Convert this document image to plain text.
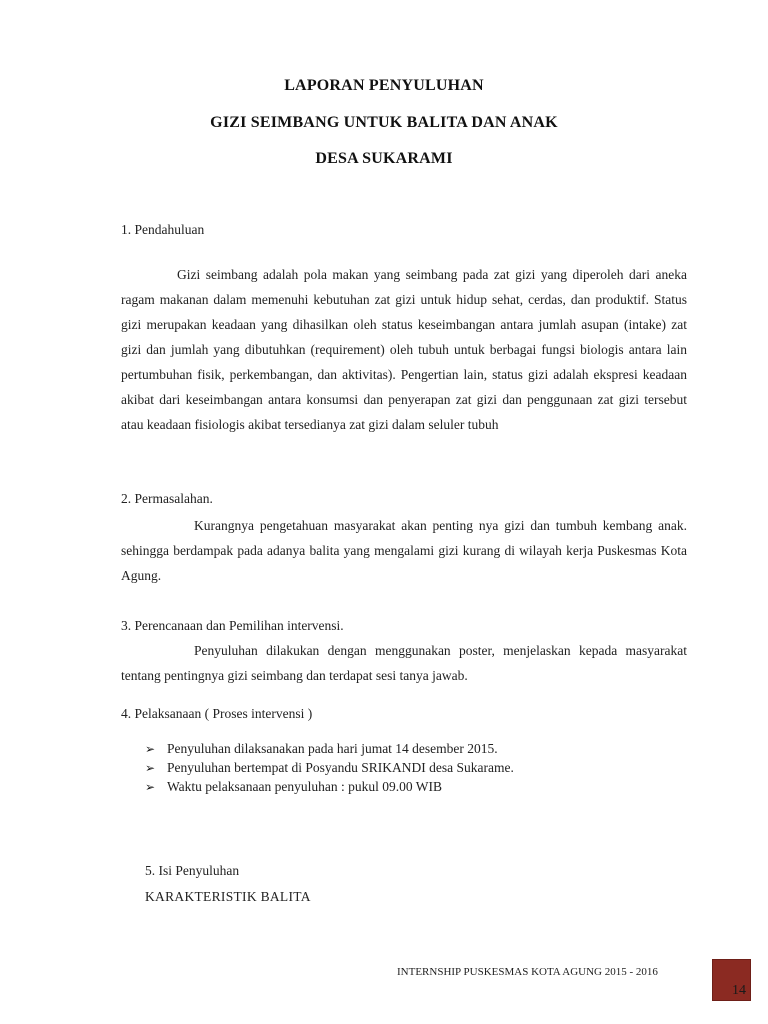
LAPORAN PENYULUHAN
GIZI SEIMBANG UNTUK BALITA DAN ANAK
DESA SUKARAMI
1. Pendahuluan
Gizi seimbang adalah pola makan yang seimbang pada zat gizi yang diperoleh dari aneka ragam makanan dalam memenuhi kebutuhan zat gizi untuk hidup sehat, cerdas, dan produktif. Status gizi merupakan keadaan yang dihasilkan oleh status keseimbangan antara jumlah asupan (intake) zat gizi dan jumlah yang dibutuhkan (requirement) oleh tubuh untuk berbagai fungsi biologis antara lain pertumbuhan fisik, perkembangan, dan aktivitas). Pengertian lain, status gizi adalah ekspresi keadaan akibat dari keseimbangan antara konsumsi dan penyerapan zat gizi dan penggunaan zat gizi tersebut atau keadaan fisiologis akibat tersedianya zat gizi dalam seluler tubuh
2. Permasalahan.
Kurangnya pengetahuan masyarakat akan penting nya gizi dan tumbuh kembang anak. sehingga berdampak pada adanya balita yang mengalami gizi kurang di wilayah kerja Puskesmas Kota Agung.
3. Perencanaan dan Pemilihan intervensi.
Penyuluhan dilakukan dengan menggunakan poster, menjelaskan kepada masyarakat tentang pentingnya gizi seimbang dan terdapat sesi tanya jawab.
4. Pelaksanaan ( Proses intervensi )
➢ Penyuluhan dilaksanakan pada hari jumat 14 desember 2015.
➢ Penyuluhan bertempat di Posyandu SRIKANDI desa Sukarame.
➢ Waktu pelaksanaan penyuluhan : pukul 09.00 WIB
5. Isi Penyuluhan
KARAKTERISTIK BALITA
INTERNSHIP PUSKESMAS KOTA AGUNG 2015 - 2016
14
